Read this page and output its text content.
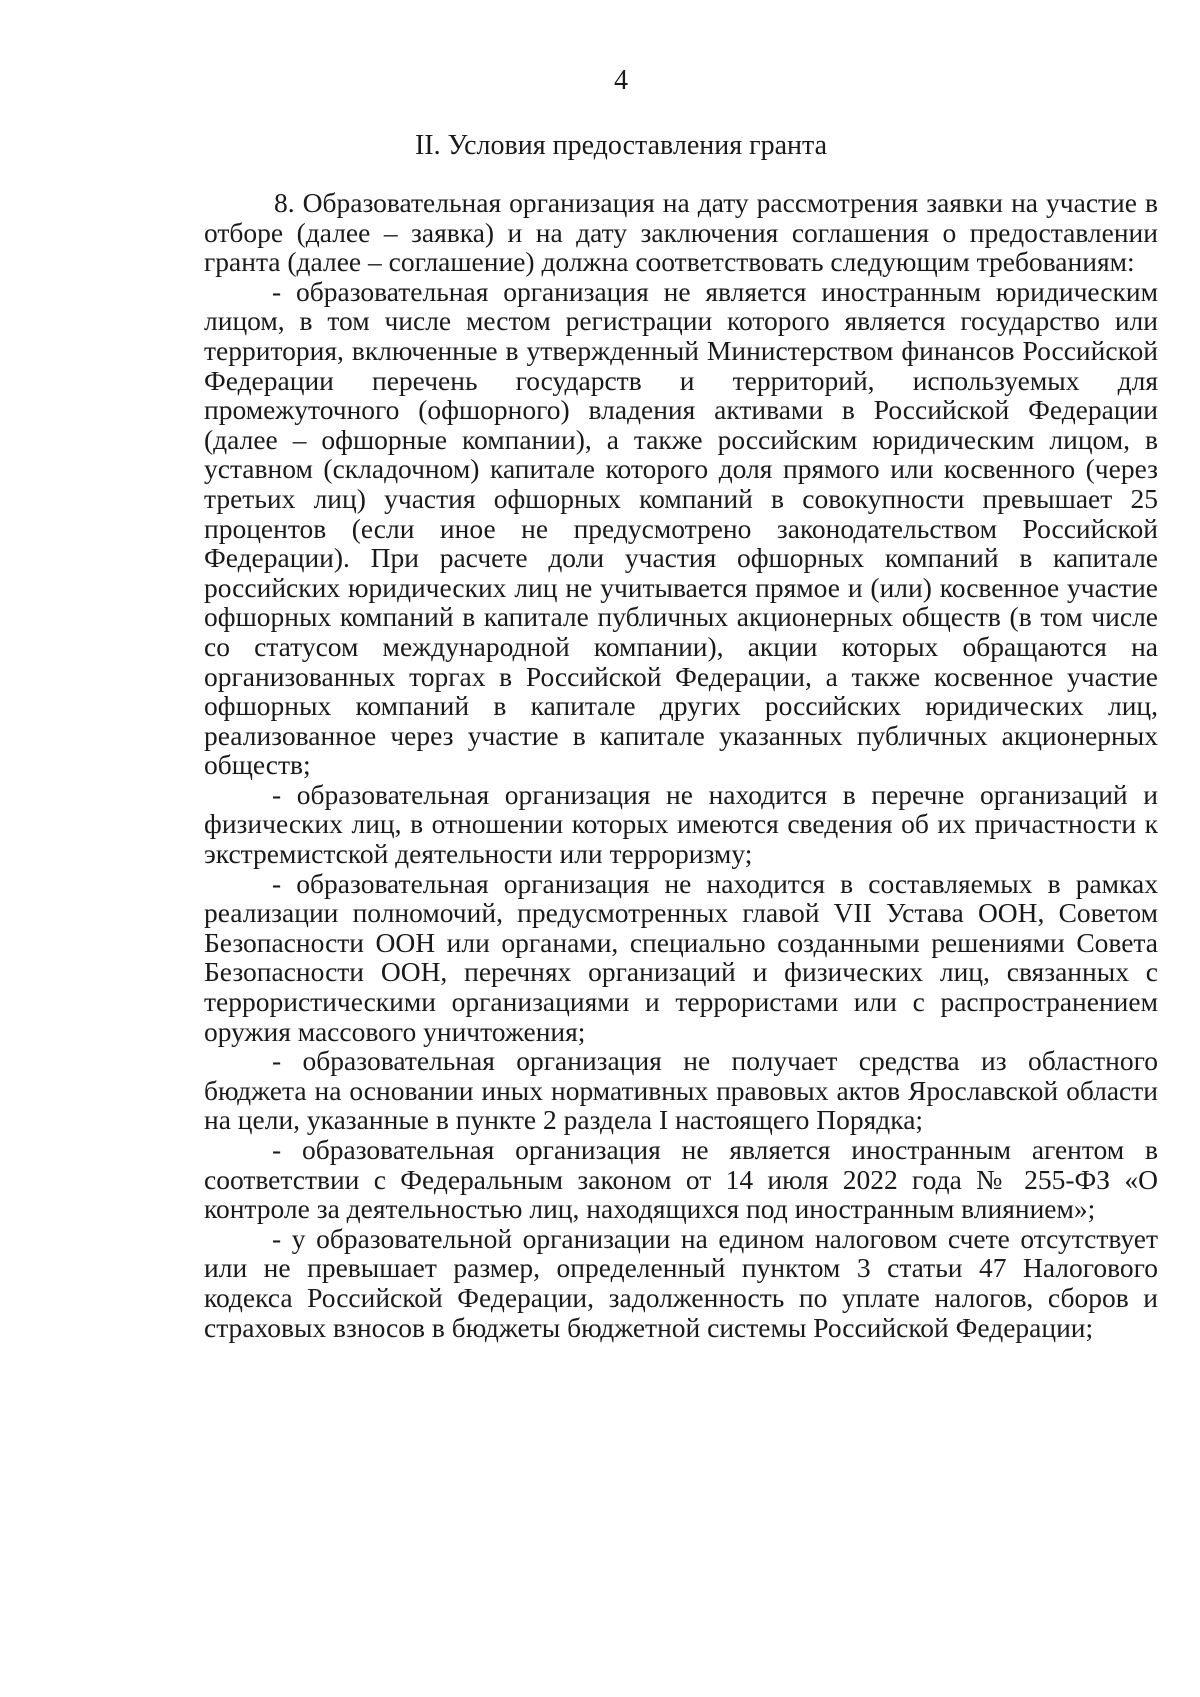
4
II. Условия предоставления гранта

8. Образовательная организация на дату рассмотрения заявки на участие в отборе (далее – заявка) и на дату заключения соглашения о предоставлении гранта (далее – соглашение) должна соответствовать следующим требованиям:

- образовательная организация не является иностранным юридическим лицом, в том числе местом регистрации которого является государство или территория, включенные в утвержденный Министерством финансов Российской Федерации перечень государств и территорий, используемых для промежуточного (офшорного) владения активами в Российской Федерации (далее – офшорные компании), а также российским юридическим лицом, в уставном (складочном) капитале которого доля прямого или косвенного (через третьих лиц) участия офшорных компаний в совокупности превышает 25 процентов (если иное не предусмотрено законодательством Российской Федерации). При расчете доли участия офшорных компаний в капитале российских юридических лиц не учитывается прямое и (или) косвенное участие офшорных компаний в капитале публичных акционерных обществ (в том числе со статусом международной компании), акции которых обращаются на организованных торгах в Российской Федерации, а также косвенное участие офшорных компаний в капитале других российских юридических лиц, реализованное через участие в капитале указанных публичных акционерных обществ;

- образовательная организация не находится в перечне организаций и физических лиц, в отношении которых имеются сведения об их причастности к экстремистской деятельности или терроризму;

- образовательная организация не находится в составляемых в рамках реализации полномочий, предусмотренных главой VII Устава ООН, Советом Безопасности ООН или органами, специально созданными решениями Совета Безопасности ООН, перечнях организаций и физических лиц, связанных с террористическими организациями и террористами или с распространением оружия массового уничтожения;

- образовательная организация не получает средства из областного бюджета на основании иных нормативных правовых актов Ярославской области на цели, указанные в пункте 2 раздела I настоящего Порядка;

- образовательная организация не является иностранным агентом в соответствии с Федеральным законом от 14 июля 2022 года № 255-ФЗ «О контроле за деятельностью лиц, находящихся под иностранным влиянием»;

- у образовательной организации на едином налоговом счете отсутствует или не превышает размер, определенный пунктом 3 статьи 47 Налогового кодекса Российской Федерации, задолженность по уплате налогов, сборов и страховых взносов в бюджеты бюджетной системы Российской Федерации;
